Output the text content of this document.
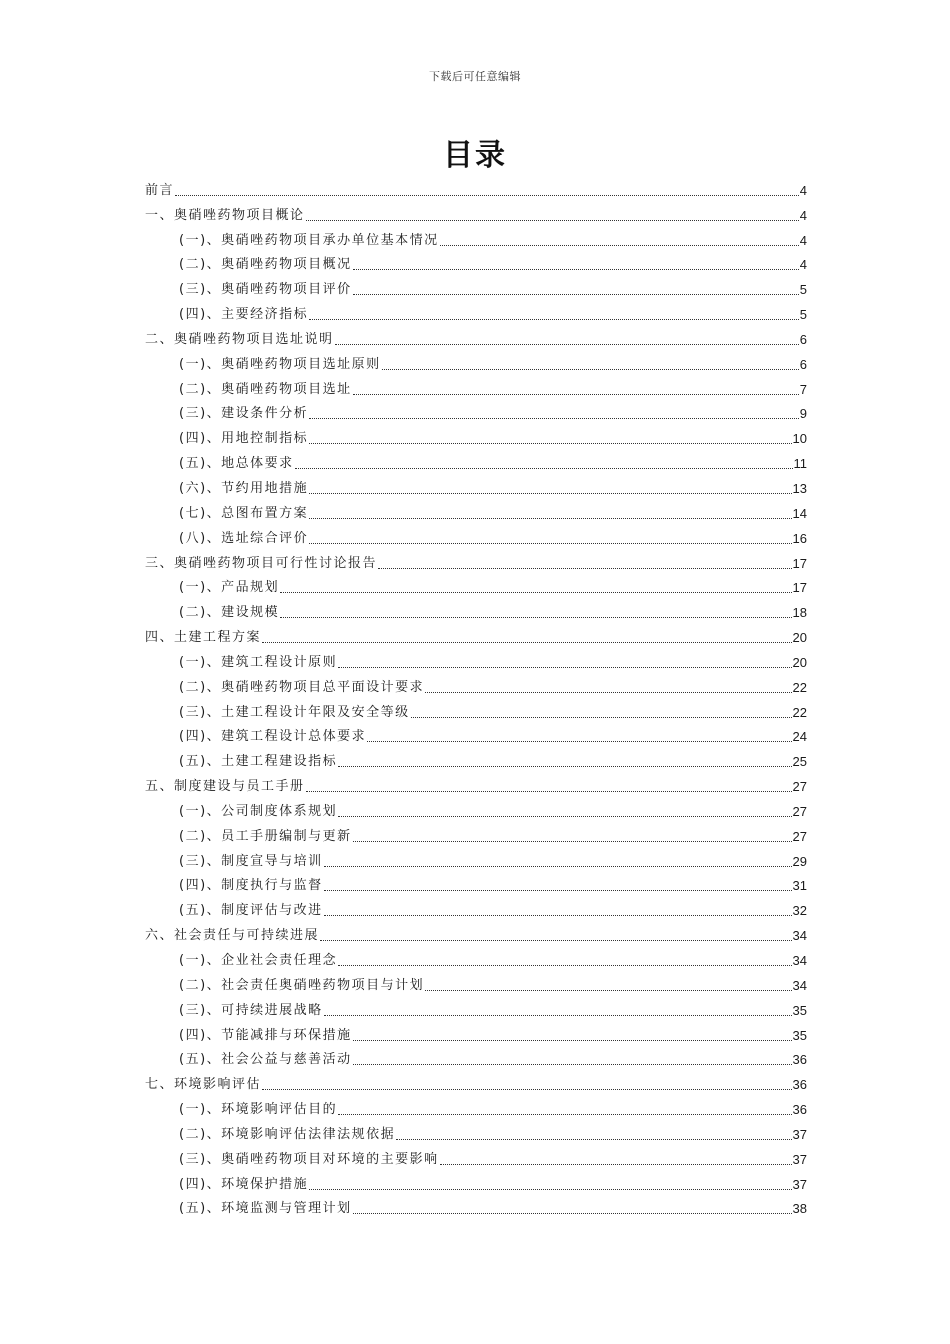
下载后可任意编辑
目录
前言	4
一、奥硝唑药物项目概论	4
(一)、奥硝唑药物项目承办单位基本情况	4
(二)、奥硝唑药物项目概况	4
(三)、奥硝唑药物项目评价	5
(四)、主要经济指标	5
二、奥硝唑药物项目选址说明	6
(一)、奥硝唑药物项目选址原则	6
(二)、奥硝唑药物项目选址	7
(三)、建设条件分析	9
(四)、用地控制指标	10
(五)、地总体要求	11
(六)、节约用地措施	13
(七)、总图布置方案	14
(八)、选址综合评价	16
三、奥硝唑药物项目可行性讨论报告	17
(一)、产品规划	17
(二)、建设规模	18
四、土建工程方案	20
(一)、建筑工程设计原则	20
(二)、奥硝唑药物项目总平面设计要求	22
(三)、土建工程设计年限及安全等级	22
(四)、建筑工程设计总体要求	24
(五)、土建工程建设指标	25
五、制度建设与员工手册	27
(一)、公司制度体系规划	27
(二)、员工手册编制与更新	27
(三)、制度宣导与培训	29
(四)、制度执行与监督	31
(五)、制度评估与改进	32
六、社会责任与可持续进展	34
(一)、企业社会责任理念	34
(二)、社会责任奥硝唑药物项目与计划	34
(三)、可持续进展战略	35
(四)、节能减排与环保措施	35
(五)、社会公益与慈善活动	36
七、环境影响评估	36
(一)、环境影响评估目的	36
(二)、环境影响评估法律法规依据	37
(三)、奥硝唑药物项目对环境的主要影响	37
(四)、环境保护措施	37
(五)、环境监测与管理计划	38
